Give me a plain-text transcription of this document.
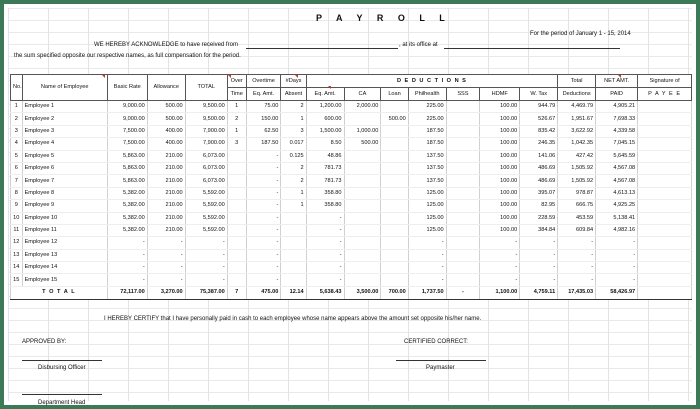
P A Y R O L L
For the period of January 1 - 15, 2014
WE HEREBY ACKNOWLEDGE to have received from	, at its office at
the sum specified opposite our respective names, as full compensation for the period.
No.	Name of Employee	Basic Rate	Allowance	TOTAL	Over	Overtime	#Days	D E D U C T I O N S							Total	NET AMT.	Signature of
					Time	Eq. Amt.	Absent	Eq. Amt.	CA	Loan	Philhealth	SSS	HDMF	W. Tax	Deductions	PAID	P A Y E E
1	Employee 1	9,000.00	500.00	9,500.00	1	75.00	2	1,200.00	2,000.00		225.00		100.00	944.79	4,469.79	4,905.21	
2	Employee 2	9,000.00	500.00	9,500.00	2	150.00	1	600.00		500.00	225.00		100.00	526.67	1,951.67	7,698.33	
3	Employee 3	7,500.00	400.00	7,900.00	1	62.50	3	1,500.00	1,000.00		187.50		100.00	835.42	3,622.92	4,339.58	
4	Employee 4	7,500.00	400.00	7,900.00	3	187.50	0.017	8.50	500.00		187.50		100.00	246.35	1,042.35	7,045.15	
5	Employee 5	5,863.00	210.00	6,073.00		-	0.125	48.86			137.50		100.00	141.06	427.42	5,645.59	
6	Employee 6	5,863.00	210.00	6,073.00		-	2	781.73			137.50		100.00	486.69	1,505.92	4,567.08	
7	Employee 7	5,863.00	210.00	6,073.00		-	2	781.73			137.50		100.00	486.69	1,505.92	4,567.08	
8	Employee 8	5,382.00	210.00	5,592.00		-	1	358.80			125.00		100.00	395.07	978.87	4,613.13	
9	Employee 9	5,382.00	210.00	5,592.00		-	1	358.80			125.00		100.00	82.95	666.75	4,925.25	
10	Employee 10	5,382.00	210.00	5,592.00		-		-			125.00		100.00	228.59	453.59	5,138.41	
11	Employee 11	5,382.00	210.00	5,592.00		-		-			125.00		100.00	384.84	609.84	4,982.16	
12	Employee 12	-	-	-		-		-			-		-	-	-	-	
13	Employee 13	-	-	-		-		-			-		-	-	-	-	
14	Employee 14	-	-	-		-		-			-		-	-	-	-	
15	Employee 15	-	-	-		-		-			-		-	-	-	-	
T O T A L		72,117.00	3,270.00	75,387.00	7	475.00	12.14	5,638.43	3,500.00	700.00	1,737.50	-	1,100.00	4,759.11	17,435.03	58,426.97	
I HEREBY CERTIFY that I have personally paid in cash to each employee whose name appears above the amount set opposite his/her name.
APPROVED BY:
Disbursing Officer
Department Head
CERTIFIED CORRECT:
Paymaster
